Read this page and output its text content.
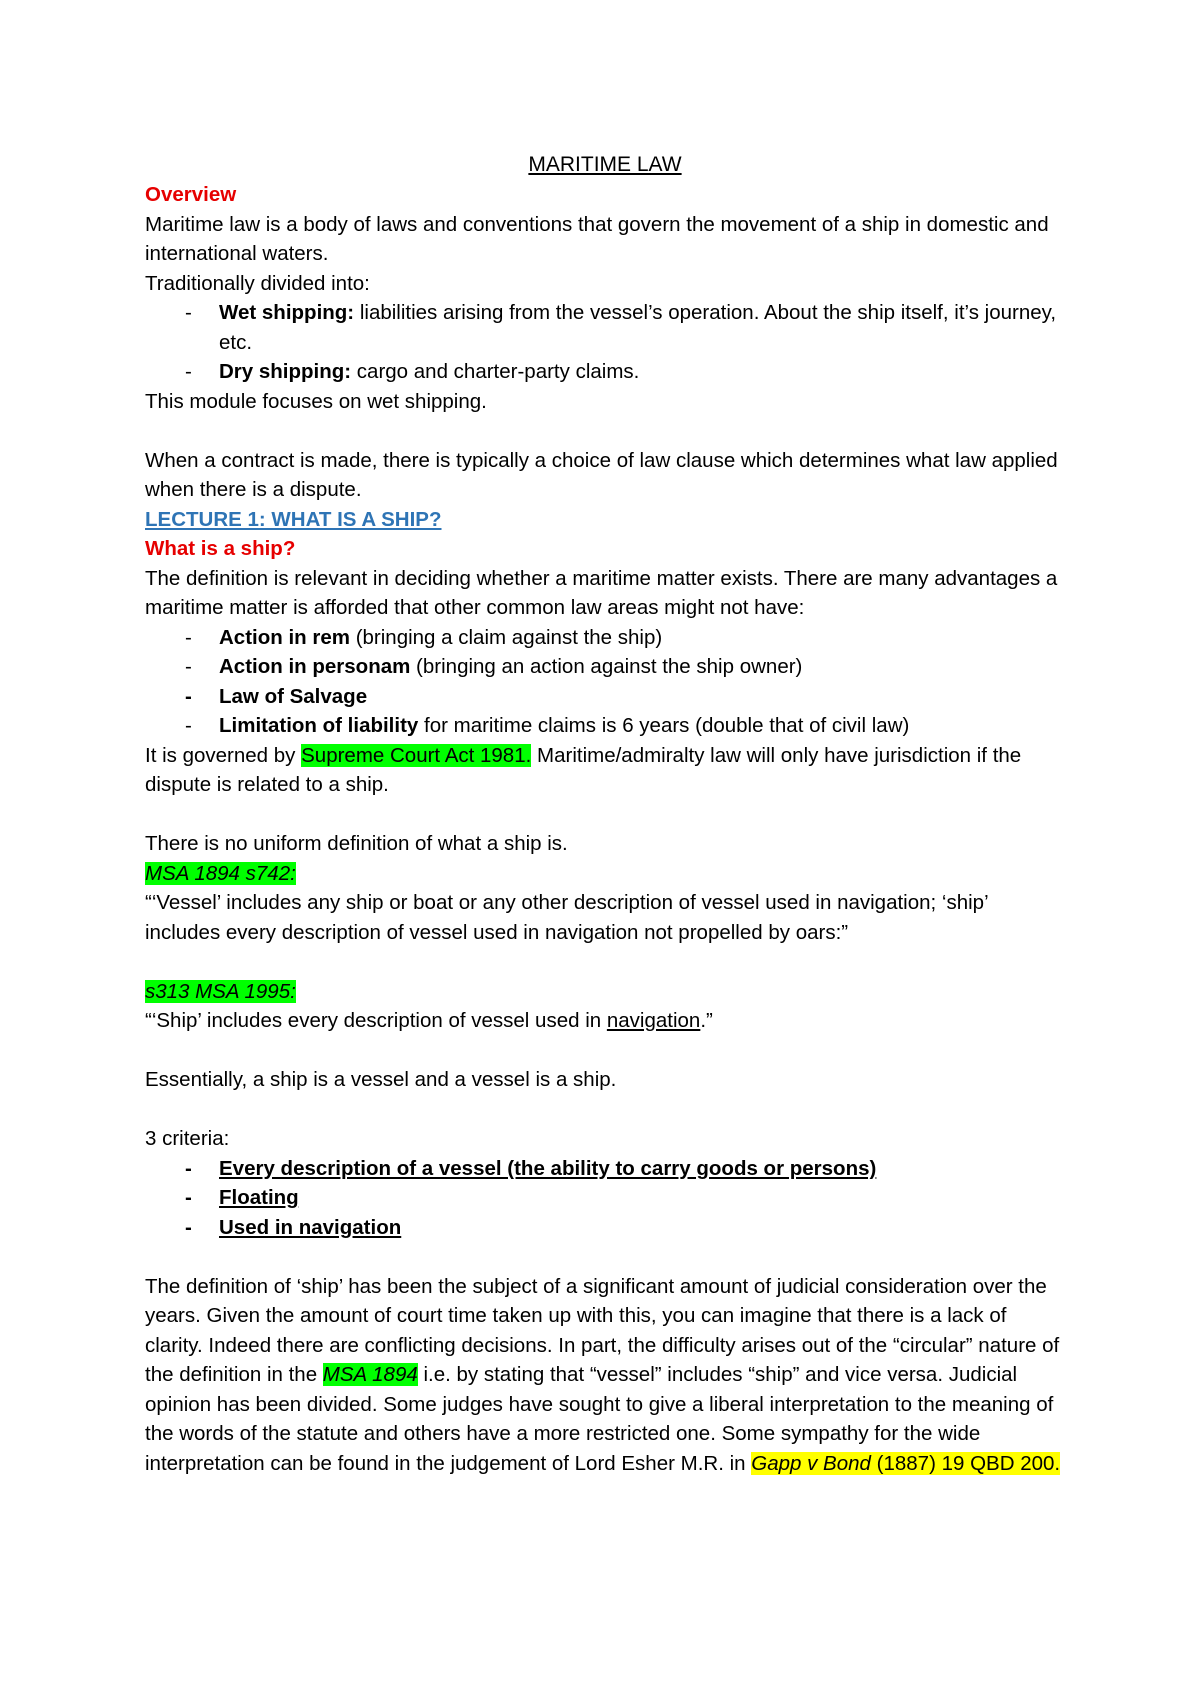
MARITIME LAW

Overview

Maritime law is a body of laws and conventions that govern the movement of a ship in domestic and international waters.

Traditionally divided into:

- Wet shipping: liabilities arising from the vessel’s operation. About the ship itself, it’s journey, etc.
- Dry shipping: cargo and charter-party claims.

This module focuses on wet shipping.

When a contract is made, there is typically a choice of law clause which determines what law applied when there is a dispute.

LECTURE 1: WHAT IS A SHIP?

What is a ship?

The definition is relevant in deciding whether a maritime matter exists. There are many advantages a maritime matter is afforded that other common law areas might not have:

- Action in rem (bringing a claim against the ship)
- Action in personam (bringing an action against the ship owner)
- Law of Salvage
- Limitation of liability for maritime claims is 6 years (double that of civil law)

It is governed by Supreme Court Act 1981. Maritime/admiralty law will only have jurisdiction if the dispute is related to a ship.

There is no uniform definition of what a ship is.

MSA 1894 s742:

“‘Vessel’ includes any ship or boat or any other description of vessel used in navigation; ‘ship’ includes every description of vessel used in navigation not propelled by oars:”

s313 MSA 1995:

“‘Ship’ includes every description of vessel used in navigation.”

Essentially, a ship is a vessel and a vessel is a ship.

3 criteria:

- Every description of a vessel (the ability to carry goods or persons)
- Floating
- Used in navigation

The definition of ‘ship’ has been the subject of a significant amount of judicial consideration over the years. Given the amount of court time taken up with this, you can imagine that there is a lack of clarity. Indeed there are conflicting decisions. In part, the difficulty arises out of the “circular” nature of the definition in the MSA 1894 i.e. by stating that “vessel” includes “ship” and vice versa. Judicial opinion has been divided. Some judges have sought to give a liberal interpretation to the meaning of the words of the statute and others have a more restricted one. Some sympathy for the wide interpretation can be found in the judgement of Lord Esher M.R. in Gapp v Bond (1887) 19 QBD 200.
